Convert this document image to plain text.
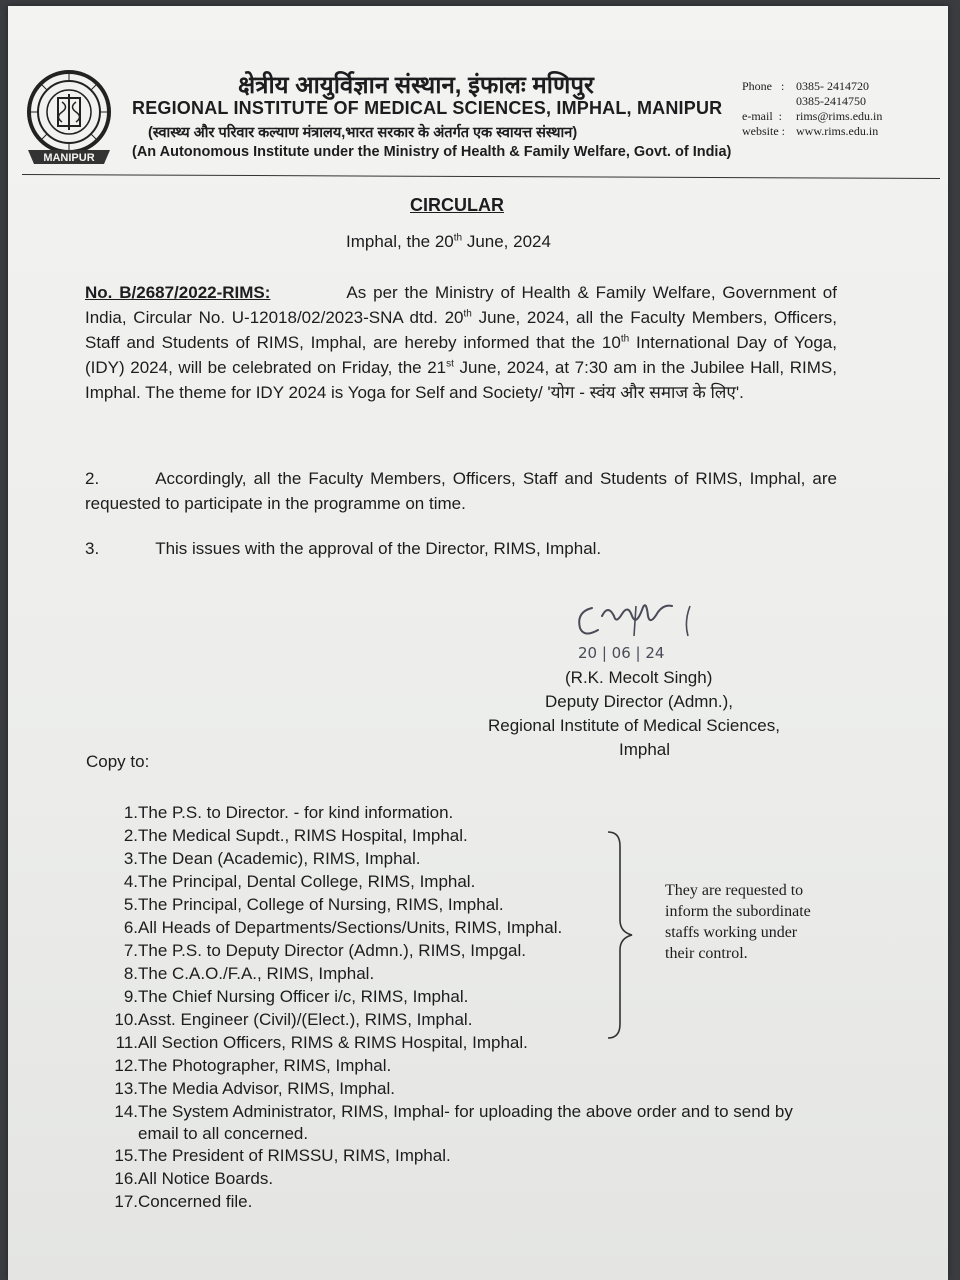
MANIPUR
क्षेत्रीय आयुर्विज्ञान संस्थान, इंफालः मणिपुर
REGIONAL INSTITUTE OF MEDICAL SCIENCES, IMPHAL, MANIPUR
(स्वास्थ्य और परिवार कल्याण मंत्रालय,भारत सरकार के अंतर्गत एक स्वायत्त संस्थान)
(An Autonomous Institute under the Ministry of Health & Family Welfare, Govt. of India)
Phone : 0385- 2414720
0385-2414750
e-mail : rims@rims.edu.in
website : www.rims.edu.in
CIRCULAR
Imphal, the 20th June, 2024
No. B/2687/2022-RIMS:	As per the Ministry of Health & Family Welfare, Government of India, Circular No. U-12018/02/2023-SNA dtd. 20th June, 2024, all the Faculty Members, Officers, Staff and Students of RIMS, Imphal, are hereby informed that the 10th International Day of Yoga, (IDY) 2024, will be celebrated on Friday, the 21st June, 2024, at 7:30 am in the Jubilee Hall, RIMS, Imphal. The theme for IDY 2024 is Yoga for Self and Society/ 'योग - स्वंय और समाज के लिए'.
2.	Accordingly, all the Faculty Members, Officers, Staff and Students of RIMS, Imphal, are requested to participate in the programme on time.
3.	This issues with the approval of the Director, RIMS, Imphal.
20 | 06 | 24
(R.K. Mecolt Singh)
Deputy Director (Admn.),
Regional Institute of Medical Sciences,
Imphal
Copy to:
1. The P.S. to Director. - for kind information.
2. The Medical Supdt., RIMS Hospital, Imphal.
3. The Dean (Academic), RIMS, Imphal.
4. The Principal, Dental College, RIMS, Imphal.
5. The Principal, College of Nursing, RIMS, Imphal.
6. All Heads of Departments/Sections/Units, RIMS, Imphal.
7. The P.S. to Deputy Director (Admn.), RIMS, Impgal.
8. The C.A.O./F.A., RIMS, Imphal.
9. The Chief Nursing Officer i/c, RIMS, Imphal.
10. Asst. Engineer (Civil)/(Elect.), RIMS, Imphal.
11. All Section Officers, RIMS & RIMS Hospital, Imphal.
12. The Photographer, RIMS, Imphal.
13. The Media Advisor, RIMS, Imphal.
14. The System Administrator, RIMS, Imphal- for uploading the above order and to send by email to all concerned.
15. The President of RIMSSU, RIMS, Imphal.
16. All Notice Boards.
17. Concerned file.
They are requested to inform the subordinate staffs working under their control.
